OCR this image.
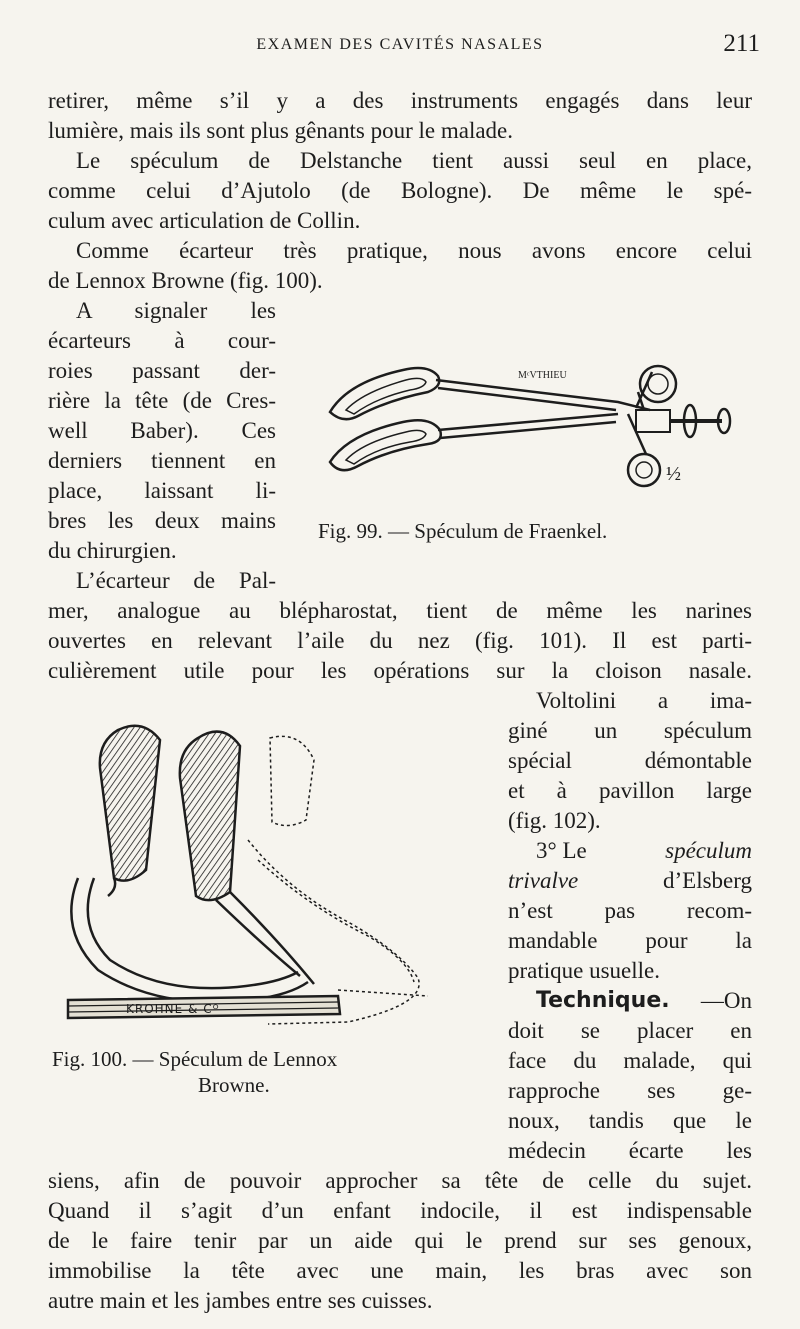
EXAMEN DES CAVITÉS NASALES	211
retirer, même s’il y a des instruments engagés dans leur
lumière, mais ils sont plus gênants pour le malade.
Le spéculum de Delstanche tient aussi seul en place,
comme celui d’Ajutolo (de Bologne). De même le spé-
culum avec articulation de Collin.
Comme écarteur très pratique, nous avons encore celui
de Lennox Browne (fig. 100).
A signaler les
écarteurs à cour-
roies passant der-
rière la tête (de Cres-
well Baber). Ces
derniers tiennent en
place, laissant li-
bres les deux mains
du chirurgien.
L’écarteur de Pal-
MᶜVTHIEU
½
Fig. 99. — Spéculum de Fraenkel.
mer, analogue au blépharostat, tient de même les narines
ouvertes en relevant l’aile du nez (fig. 101). Il est parti-
culièrement utile pour les opérations sur la cloison nasale.
KROHNE & Cᴼ
Fig. 100. — Spéculum de Lennox
Browne.
Voltolini a ima-
giné un spéculum
spécial démontable
et à pavillon large
(fig. 102).
3° Le	spéculum
trivalve	d’Elsberg
n’est pas recom-
mandable pour la
pratique usuelle.
Technique. —On
doit se placer en
face du malade, qui
rapproche ses ge-
noux, tandis que le
médecin écarte les
siens, afin de pouvoir approcher sa tête de celle du sujet.
Quand il s’agit d’un enfant indocile, il est indispensable
de le faire tenir par un aide qui le prend sur ses genoux,
immobilise la tête avec une main, les bras avec son
autre main et les jambes entre ses cuisses.
